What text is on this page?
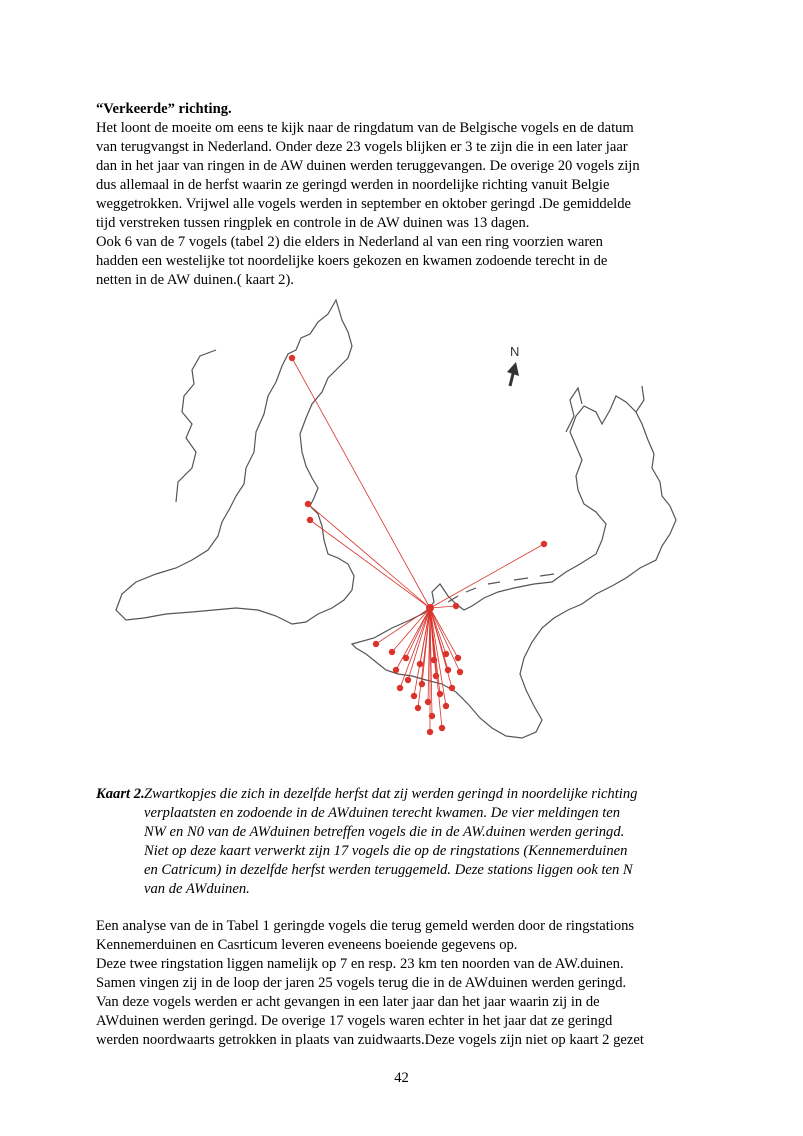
“Verkeerde” richting.
Het loont de moeite om eens te kijk naar de ringdatum van de Belgische vogels en de datum
van terugvangst in Nederland. Onder deze 23 vogels blijken er 3 te zijn die in een later jaar
dan in het jaar van ringen in de AW duinen werden teruggevangen. De overige 20 vogels zijn
dus allemaal in de herfst waarin ze geringd werden in noordelijke richting vanuit Belgie
weggetrokken. Vrijwel alle vogels werden in september en oktober geringd .De gemiddelde
tijd verstreken tussen ringplek en controle in de AW duinen was 13 dagen.
Ook 6 van de 7 vogels (tabel 2) die elders in Nederland al van een ring voorzien waren
hadden een westelijke tot noordelijke koers gekozen en kwamen zodoende terecht in de
netten in de AW duinen.( kaart 2).
N
Kaart 2. Zwartkopjes die zich in dezelfde herfst dat zij werden geringd in noordelijke richting
verplaatsten en zodoende in de AWduinen terecht kwamen. De vier meldingen ten
NW en N0 van de AWduinen betreffen vogels die in de AW.duinen werden geringd.
Niet op deze kaart verwerkt zijn 17 vogels die op de ringstations (Kennemerduinen
en Catricum) in dezelfde herfst werden teruggemeld. Deze stations liggen ook ten N
van de AWduinen.
Een analyse van de in Tabel 1 geringde vogels die terug gemeld werden door de ringstations
Kennemerduinen en Casrticum leveren eveneens boeiende gegevens op.
Deze twee ringstation liggen namelijk op 7 en resp. 23 km ten noorden van de AW.duinen.
Samen vingen zij in de loop der jaren 25 vogels terug die in de AWduinen werden geringd.
Van deze vogels werden er acht gevangen in een later jaar dan het jaar waarin zij in de
AWduinen werden geringd. De overige 17 vogels waren echter in het jaar dat ze geringd
werden noordwaarts getrokken in plaats van zuidwaarts.Deze vogels zijn niet op kaart 2 gezet
42
